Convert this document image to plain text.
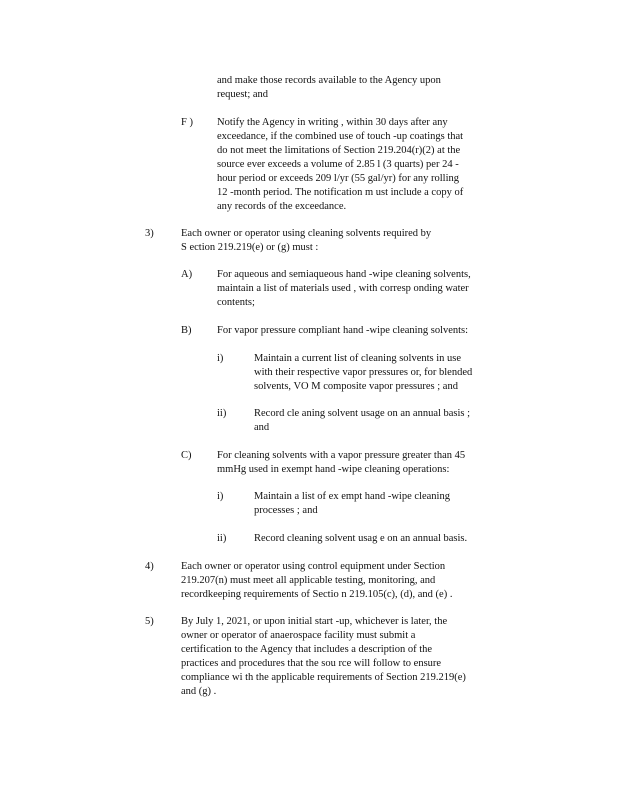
and make those records available to the Agency upon
request; and
F ) Notify the Agency in writing , within 30 days after any
exceedance, if the combined use of touch -up coatings that
do not meet the limitations of Section 219.204(r)(2) at the
source ever exceeds a volume of 2.85 l (3 quarts) per 24 -
hour period or exceeds 209 l/yr (55 gal/yr) for any rolling
12 -month period. The notification m ust include a copy of
any records of the exceedance.
3)	Each owner or operator using cleaning solvents required by
S ection 219.219(e) or (g) must :
A) For aqueous and semiaqueous hand -wipe cleaning solvents,
maintain a list of materials used , with corresp onding water
contents;
B) For vapor pressure compliant hand -wipe cleaning solvents:
i)	Maintain a current list of cleaning solvents in use
with their respective vapor pressures or, for blended
solvents, VO M composite vapor pressures ; and
ii)	Record cle aning solvent usage on an annual basis ;
and
C) For cleaning solvents with a vapor pressure greater than 45
mmHg used in exempt hand -wipe cleaning operations:
i)	Maintain a list of ex empt hand -wipe cleaning
processes ; and
ii)	Record cleaning solvent usag e on an annual basis.
4)	Each owner or operator using control equipment under Section
219.207(n) must meet all applicable testing, monitoring, and
recordkeeping requirements of Sectio n 219.105(c), (d), and (e) .
5)	By July 1, 2021, or upon initial start -up, whichever is later, the
owner or operator of anaerospace facility must submit a
certification to the Agency that includes a description of the
practices and procedures that the sou rce will follow to ensure
compliance wi th the applicable requirements of Section 219.219(e)
and (g) .
